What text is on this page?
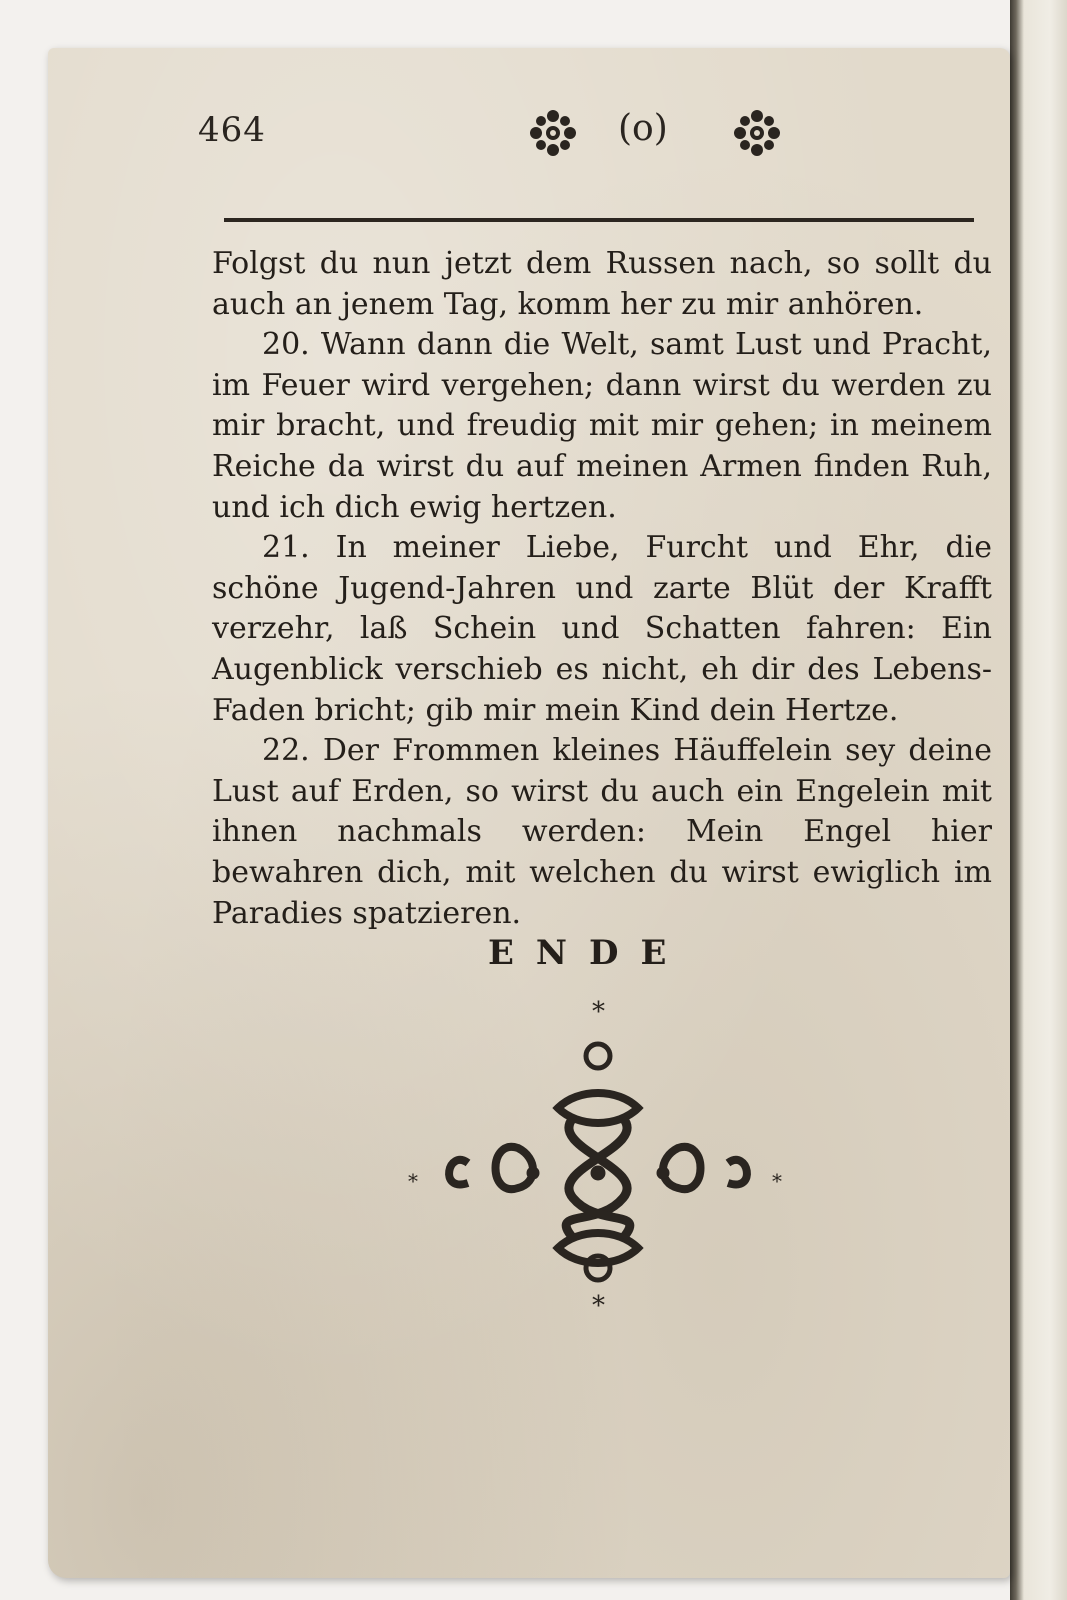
464	(o)

Folgst du nun jetzt dem Russen nach, so sollt du auch an jenem Tag, komm her zu mir anhören.

20. Wann dann die Welt, samt Lust und Pracht, im Feuer wird vergehen; dann wirst du werden zu mir bracht, und freudig mit mir gehen; in meinem Reiche da wirst du auf meinen Armen finden Ruh, und ich dich ewig hertzen.

21. In meiner Liebe, Furcht und Ehr, die schöne Jugend-Jahren und zarte Blüt der Krafft verzehr, laß Schein und Schatten fahren: Ein Augenblick verschieb es nicht, eh dir des Lebens-Faden bricht; gib mir mein Kind dein Hertze.

22. Der Frommen kleines Häuffelein sey deine Lust auf Erden, so wirst du auch ein Engelein mit ihnen nachmals werden: Mein Engel hier bewahren dich, mit welchen du wirst ewiglich im Paradies spatzieren.

ENDE
*
*
*	*
